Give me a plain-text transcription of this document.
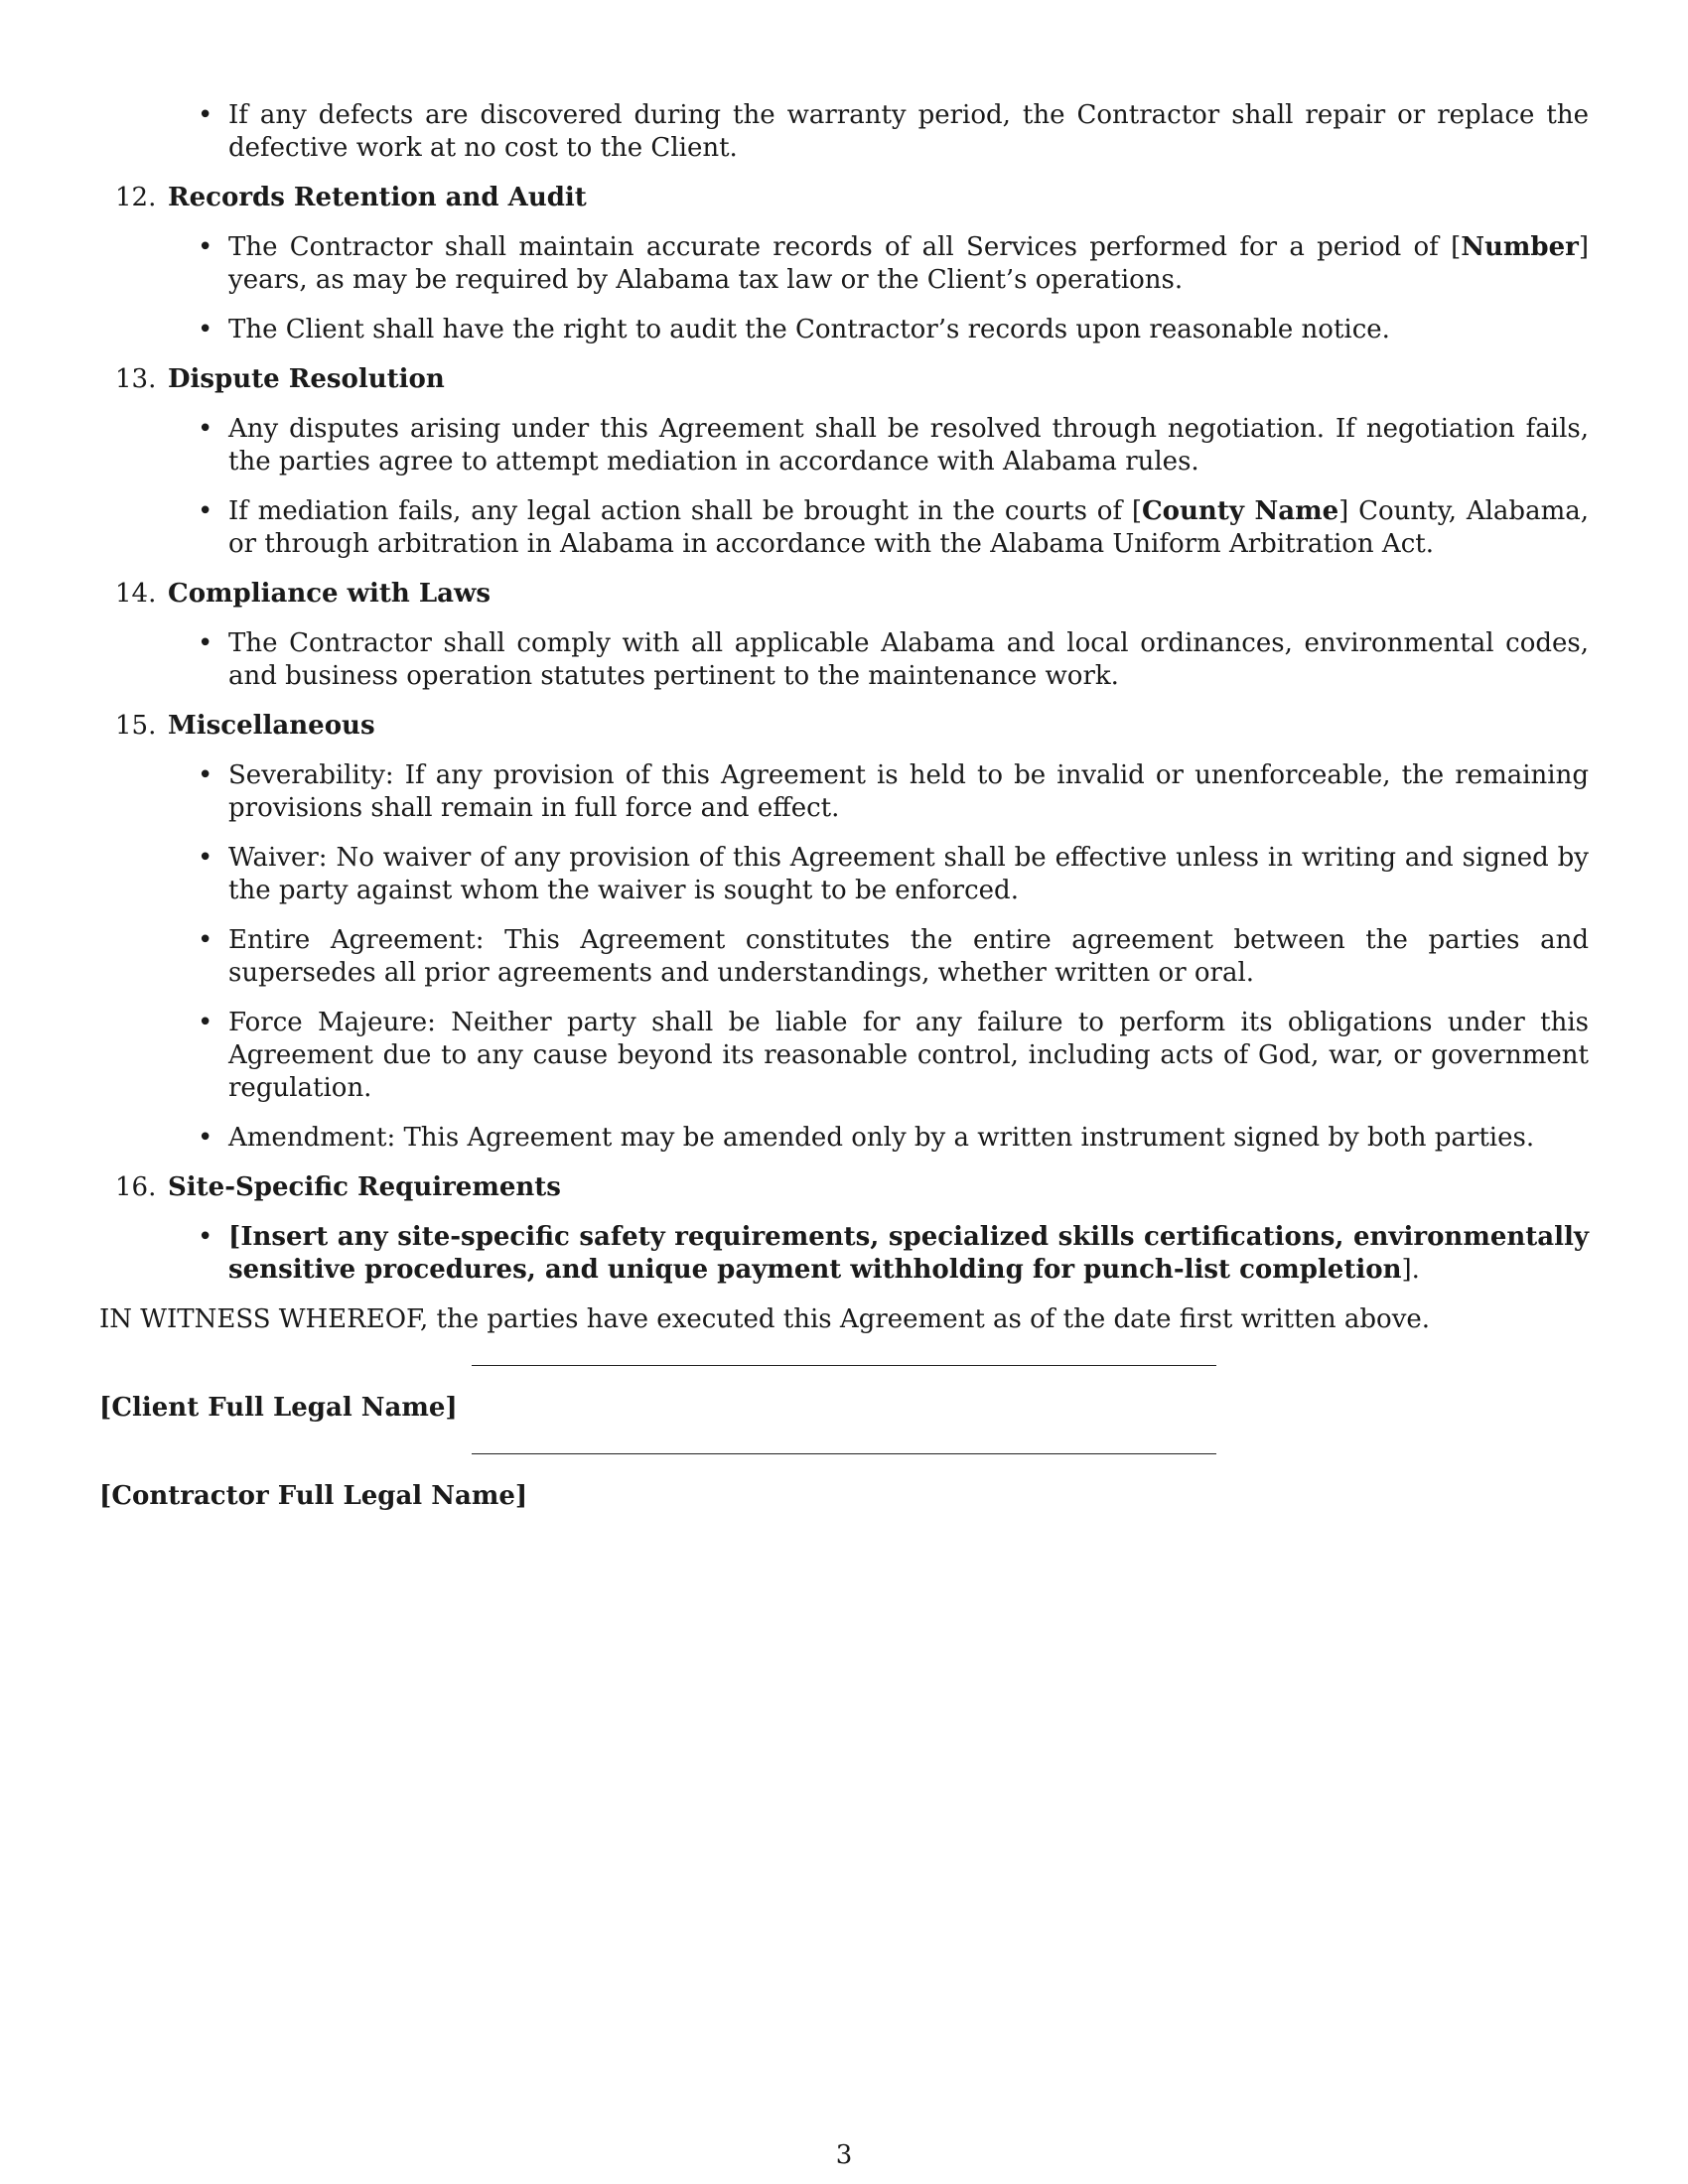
• If any defects are discovered during the warranty period, the Contractor shall repair or replace the defective work at no cost to the Client.

12. Records Retention and Audit

• The Contractor shall maintain accurate records of all Services performed for a period of [Number] years, as may be required by Alabama tax law or the Client’s operations.

• The Client shall have the right to audit the Contractor’s records upon reasonable notice.

13. Dispute Resolution

• Any disputes arising under this Agreement shall be resolved through negotiation. If negotiation fails, the parties agree to attempt mediation in accordance with Alabama rules.

• If mediation fails, any legal action shall be brought in the courts of [County Name] County, Alabama, or through arbitration in Alabama in accordance with the Alabama Uniform Arbitration Act.

14. Compliance with Laws

• The Contractor shall comply with all applicable Alabama and local ordinances, environmental codes, and business operation statutes pertinent to the maintenance work.

15. Miscellaneous

• Severability: If any provision of this Agreement is held to be invalid or unenforceable, the remaining provisions shall remain in full force and effect.

• Waiver: No waiver of any provision of this Agreement shall be effective unless in writing and signed by the party against whom the waiver is sought to be enforced.

• Entire Agreement: This Agreement constitutes the entire agreement between the parties and supersedes all prior agreements and understandings, whether written or oral.

• Force Majeure: Neither party shall be liable for any failure to perform its obligations under this Agreement due to any cause beyond its reasonable control, including acts of God, war, or government regulation.

• Amendment: This Agreement may be amended only by a written instrument signed by both parties.

16. Site-Specific Requirements

• [Insert any site-specific safety requirements, specialized skills certifications, environmentally sensitive procedures, and unique payment withholding for punch-list completion].

IN WITNESS WHEREOF, the parties have executed this Agreement as of the date first written above.

[Client Full Legal Name]

[Contractor Full Legal Name]

3
